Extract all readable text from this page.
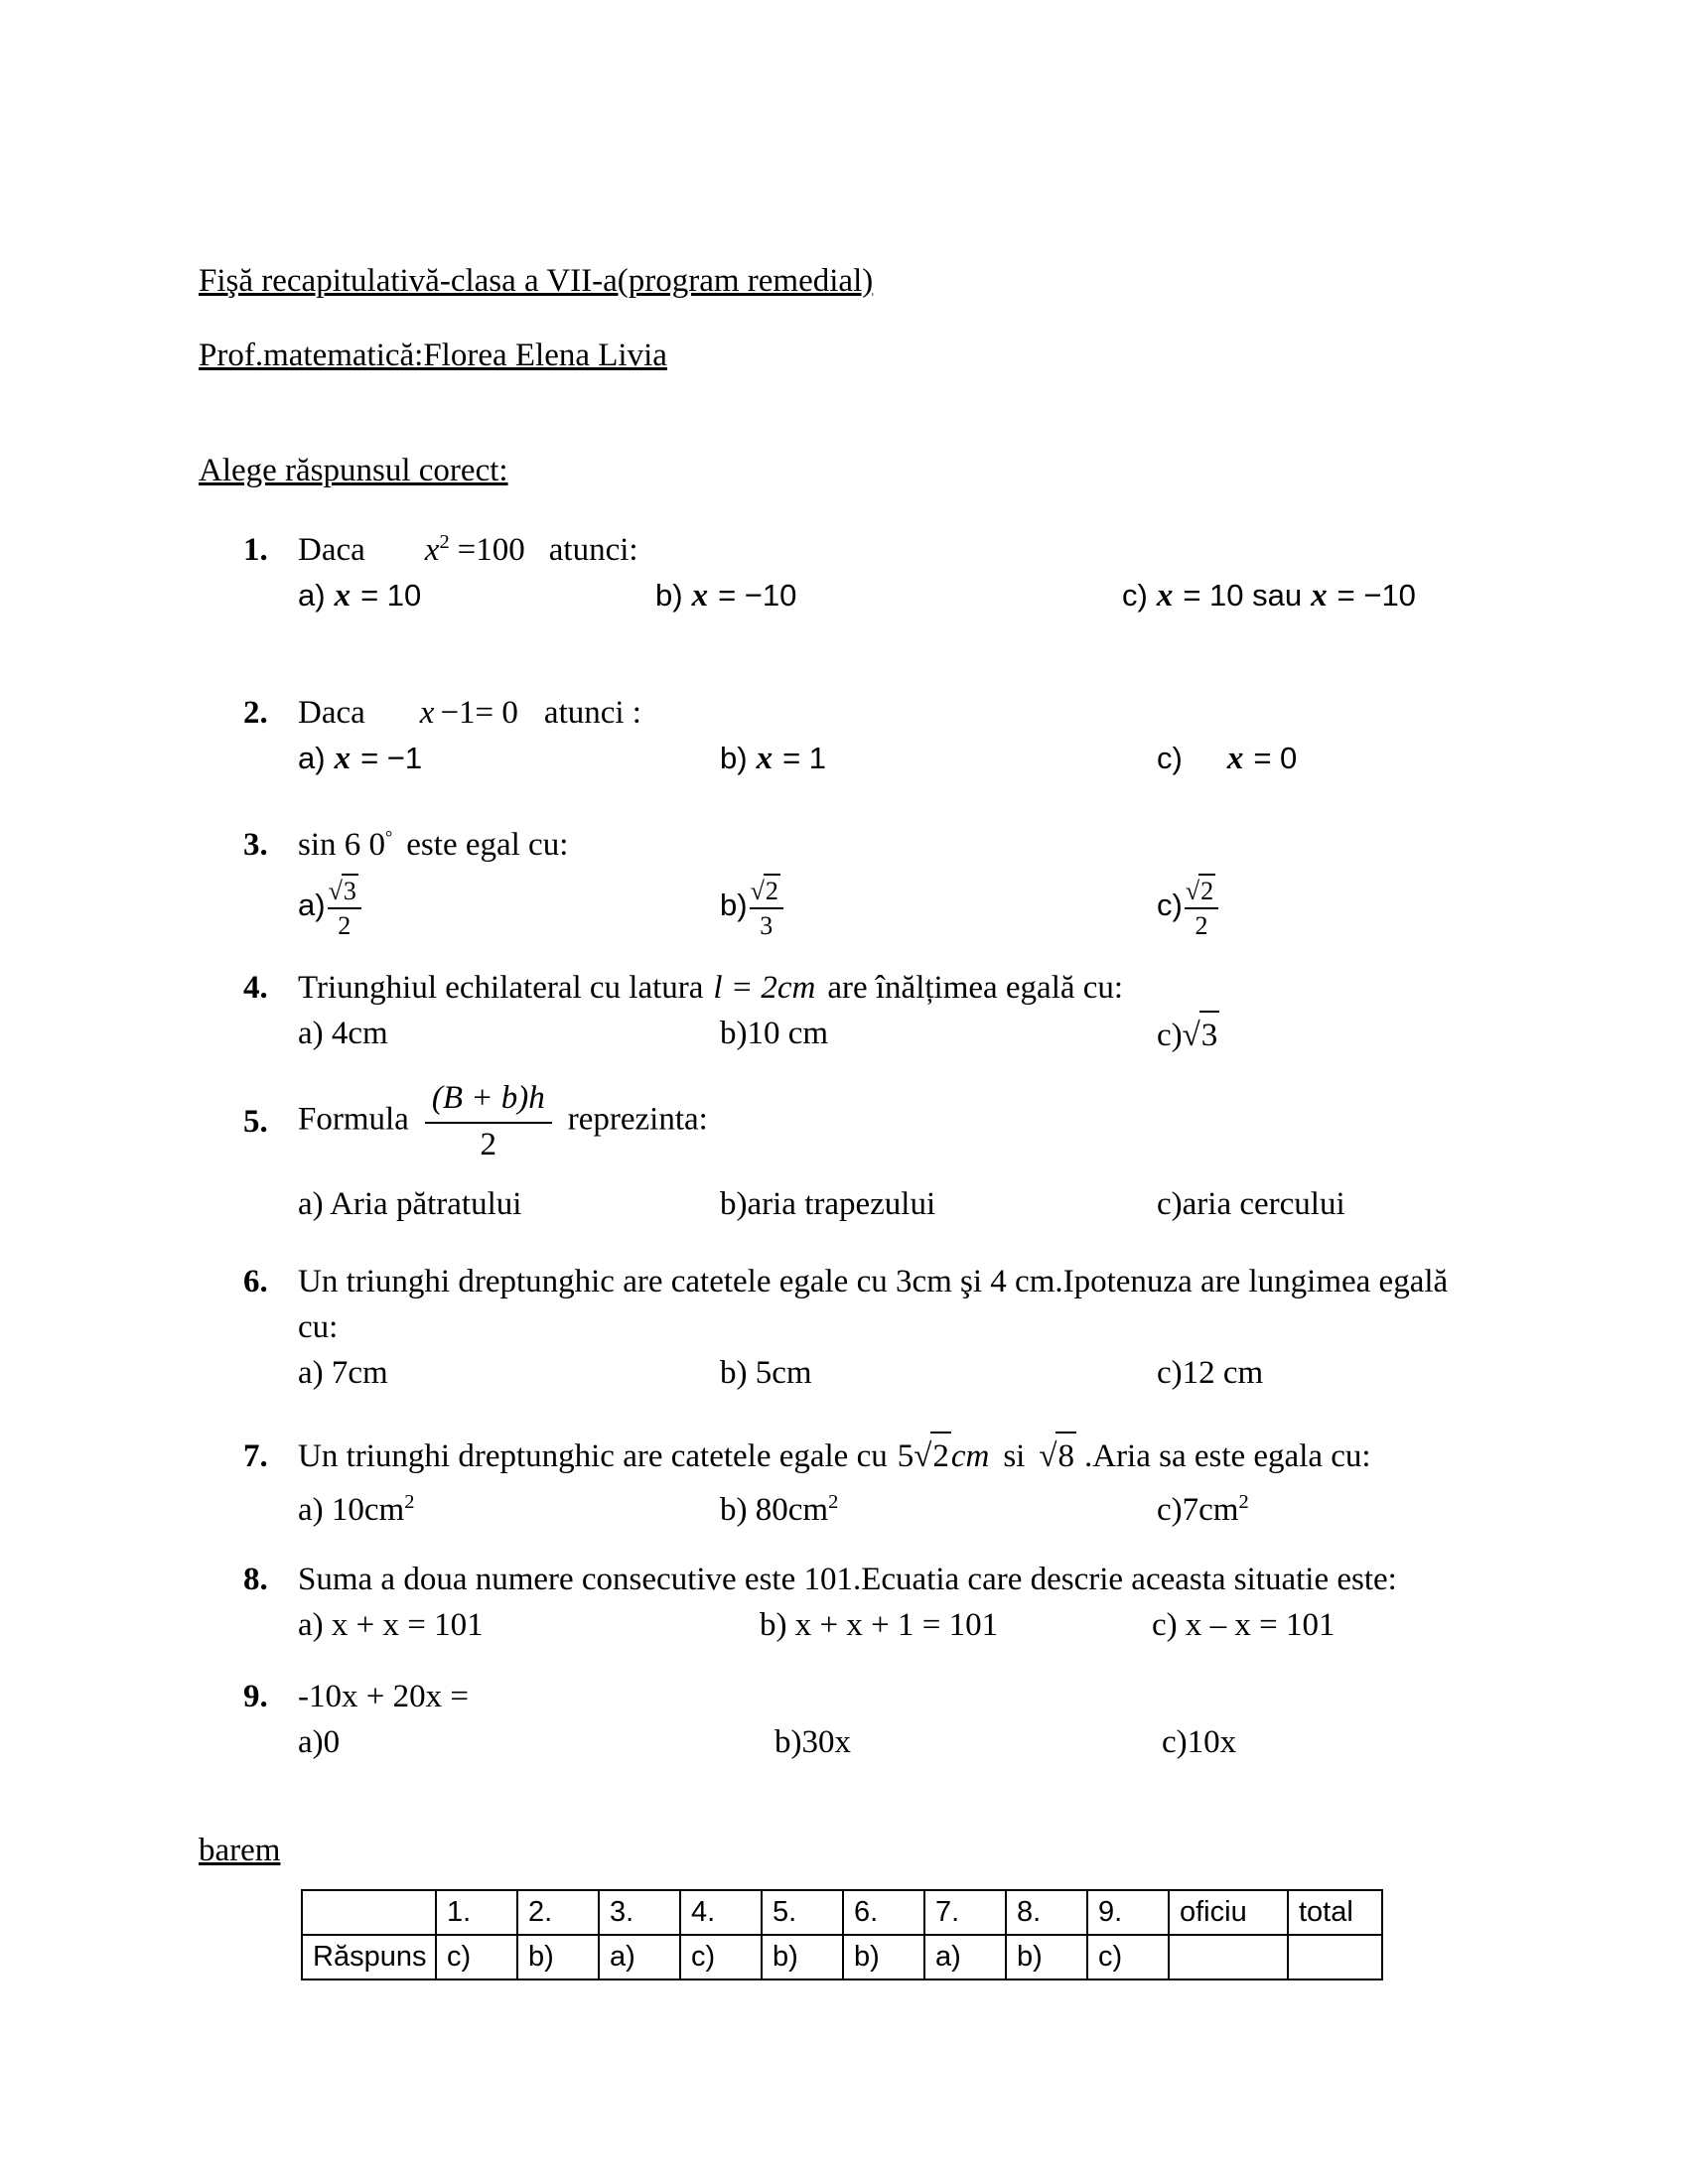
Fişă recapitulativă-clasa a VII-a(program remedial)
Prof.matematică:Florea Elena Livia
Alege răspunsul corect:
1. Daca $x^2 =100$ atunci:
a) x = 10	b) x = −10	c) x = 10 sau x = −10
2. Daca x −1= 0 atunci :
a) x = −1	b) x = 1	c) x = 0
3. sin 6 0° este egal cu:
$a) \frac{√ 3}{2}$	$b) \frac{√ 2}{3}$	$c) \frac{√ 2}{2}$
4. Triunghiul echilateral cu latura l = 2cm are înălțimea egală cu:
a) 4cm	b)10 cm	c) √ 3
5. Formula $\frac{(B + b)h}{2}$ reprezinta:
a) Aria pătratului	b)aria trapezului	c)aria cercului
6. Un triunghi dreptunghic are catetele egale cu 3cm şi 4 cm.Ipotenuza are lungimea egală
cu:
a) 7cm	b) 5cm	c)12 cm
7. Un triunghi dreptunghic are catetele egale cu 5 √ 2 cm si √ 8 .Aria sa este egala cu:
a) $10cm^2$	b) $80cm^2$	$c)7cm^2$
8. Suma a doua numere consecutive este 101.Ecuatia care descrie aceasta situatie este:
a) x + x = 101	b) x + x + 1 = 101	c) x – x = 101
9. -10x + 20x =
a)0	b)30x	c)10x
barem
	1.	2.	3.	4.	5.	6.	7.	8.	9.	oficiu	total
Răspuns	c)	b)	a)	c)	b)	b)	a)	b)	c)		
